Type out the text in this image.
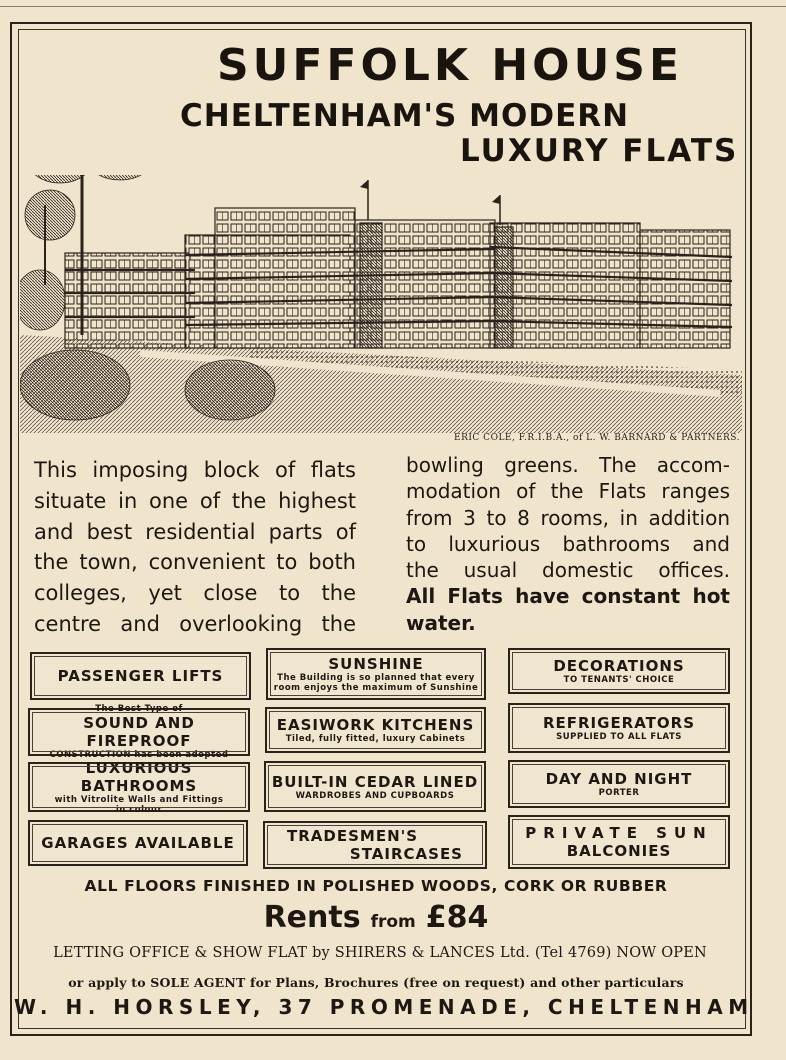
SUFFOLK HOUSE
CHELTENHAM'S MODERN
LUXURY FLATS
ERIC COLE, F.R.I.B.A., of L. W. BARNARD & PARTNERS.
This imposing block of flats
situate in one of the highest
and best residential parts of
the town, convenient to both
colleges, yet close to the
centre and overlooking the
bowling greens. The accom-
modation of the Flats ranges
from 3 to 8 rooms, in addition
to luxurious bathrooms and
the usual domestic offices.
All Flats have constant hot
water.
PASSENGER LIFTS
SUNSHINE
The Building is so planned that every
room enjoys the maximum of Sunshine
DECORATIONS
TO TENANTS' CHOICE
The Best Type of
SOUND AND FIREPROOF
CONSTRUCTION has been adopted
EASIWORK KITCHENS
Tiled, fully fitted, luxury Cabinets
REFRIGERATORS
SUPPLIED TO ALL FLATS
LUXURIOUS BATHROOMS
with Vitrolite Walls and Fittings
in colour
BUILT-IN CEDAR LINED
WARDROBES AND CUPBOARDS
DAY AND NIGHT
PORTER
GARAGES AVAILABLE	TRADESMEN'S
STAIRCASES
PRIVATE SUN
BALCONIES
ALL FLOORS FINISHED IN POLISHED WOODS, CORK OR RUBBER
Rents from £84
LETTING OFFICE & SHOW FLAT by SHIRERS & LANCES Ltd. (Tel 4769) NOW OPEN
or apply to SOLE AGENT for Plans, Brochures (free on request) and other particulars
W. H. HORSLEY, 37 PROMENADE, CHELTENHAM
